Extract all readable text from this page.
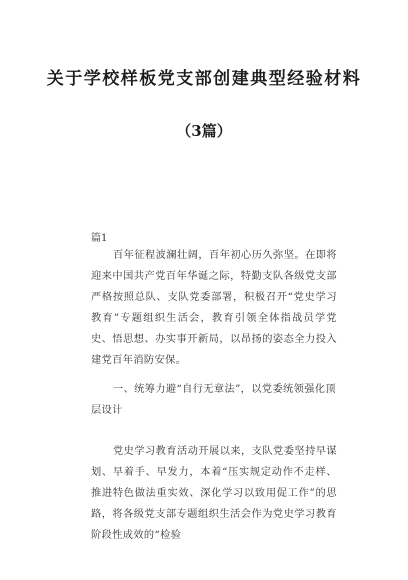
关于学校样板党支部创建典型经验材料
（3篇）
篇1

百年征程波澜壮阔，百年初心历久弥坚。在即将迎来中国共产党百年华诞之际，特勤支队各级党支部严格按照总队、支队党委部署，积极召开“党史学习教育”专题组织生活会，教育引领全体指战员学党史、悟思想、办实事开新局，以昂扬的姿态全力投入建党百年消防安保。

一、统筹力避“自行无章法”，以党委统领强化顶层设计

党史学习教育活动开展以来，支队党委坚持早谋划、早着手、早发力，本着“压实规定动作不走样、推进特色做法重实效、深化学习以致用促工作”的思路，将各级党支部专题组织生活会作为党史学习教育阶段性成效的“检验
